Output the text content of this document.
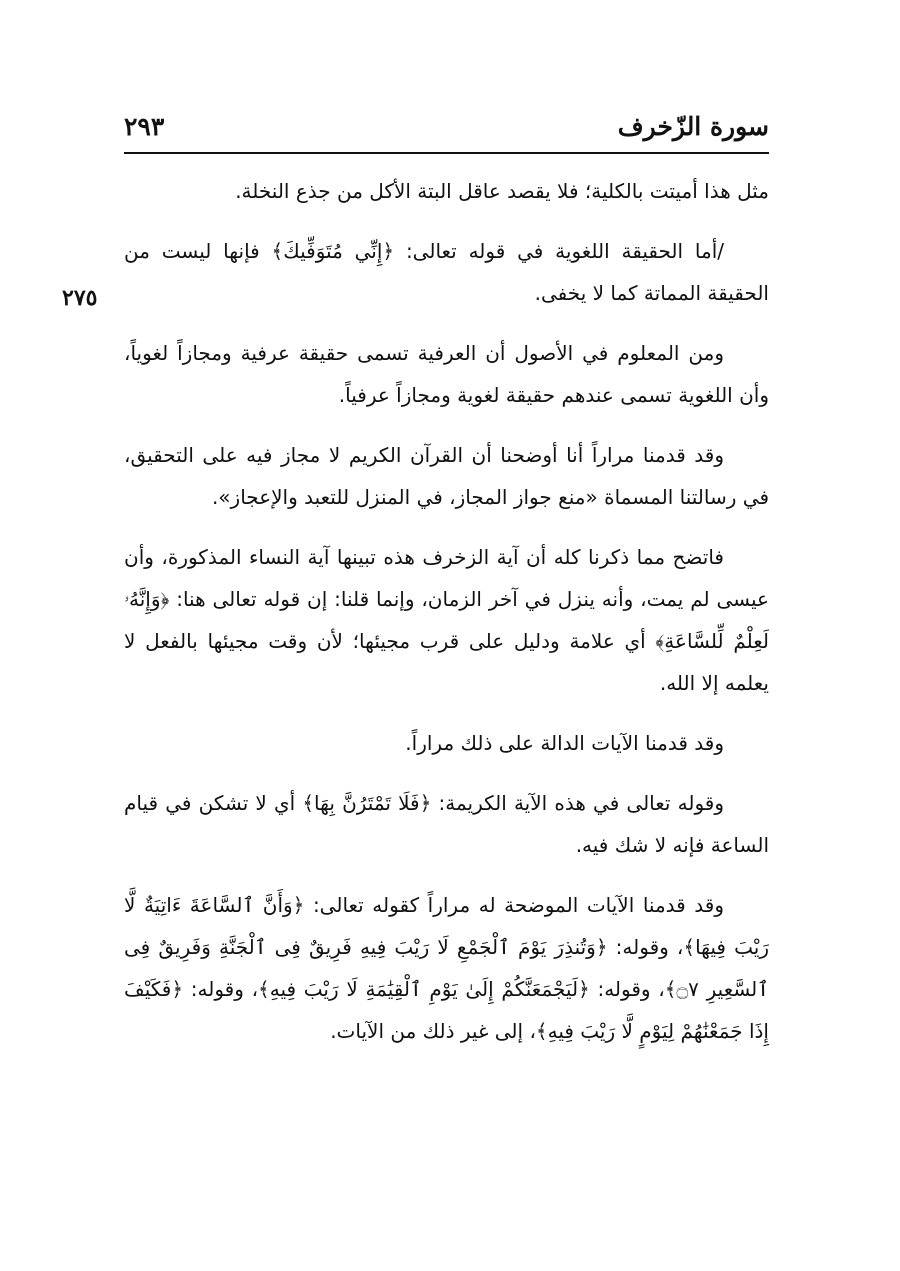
سورة الزّخرف
٢٩٣
٢٧٥

مثل هذا أميتت بالكلية؛ فلا يقصد عاقل البتة الأكل من جذع النخلة.

/أما الحقيقة اللغوية في قوله تعالى: ﴿إِنِّي مُتَوَفِّيكَ﴾ فإنها ليست من الحقيقة المماتة كما لا يخفى.

ومن المعلوم في الأصول أن العرفية تسمى حقيقة عرفية ومجازاً لغوياً، وأن اللغوية تسمى عندهم حقيقة لغوية ومجازاً عرفياً.

وقد قدمنا مراراً أنا أوضحنا أن القرآن الكريم لا مجاز فيه على التحقيق، في رسالتنا المسماة «منع جواز المجاز، في المنزل للتعبد والإعجاز».

فاتضح مما ذكرنا كله أن آية الزخرف هذه تبينها آية النساء المذكورة، وأن عيسى لم يمت، وأنه ينزل في آخر الزمان، وإنما قلنا: إن قوله تعالى هنا: ﴿وَإِنَّهُۥ لَعِلْمٌ لِّلسَّاعَةِ﴾ أي علامة ودليل على قرب مجيئها؛ لأن وقت مجيئها بالفعل لا يعلمه إلا الله.

وقد قدمنا الآيات الدالة على ذلك مراراً.

وقوله تعالى في هذه الآية الكريمة: ﴿فَلَا تَمْتَرُنَّ بِهَا﴾ أي لا تشكن في قيام الساعة فإنه لا شك فيه.

وقد قدمنا الآيات الموضحة له مراراً كقوله تعالى: ﴿وَأَنَّ ٱلسَّاعَةَ ءَاتِيَةٌ لَّا رَيْبَ فِيهَا﴾، وقوله: ﴿وَتُنذِرَ يَوْمَ ٱلْجَمْعِ لَا رَيْبَ فِيهِ فَرِيقٌ فِى ٱلْجَنَّةِ وَفَرِيقٌ فِى ٱلسَّعِيرِ ۝٧﴾، وقوله: ﴿لَيَجْمَعَنَّكُمْ إِلَىٰ يَوْمِ ٱلْقِيَٰمَةِ لَا رَيْبَ فِيهِ﴾، وقوله: ﴿فَكَيْفَ إِذَا جَمَعْنَٰهُمْ لِيَوْمٍ لَّا رَيْبَ فِيهِ﴾، إلى غير ذلك من الآيات.
